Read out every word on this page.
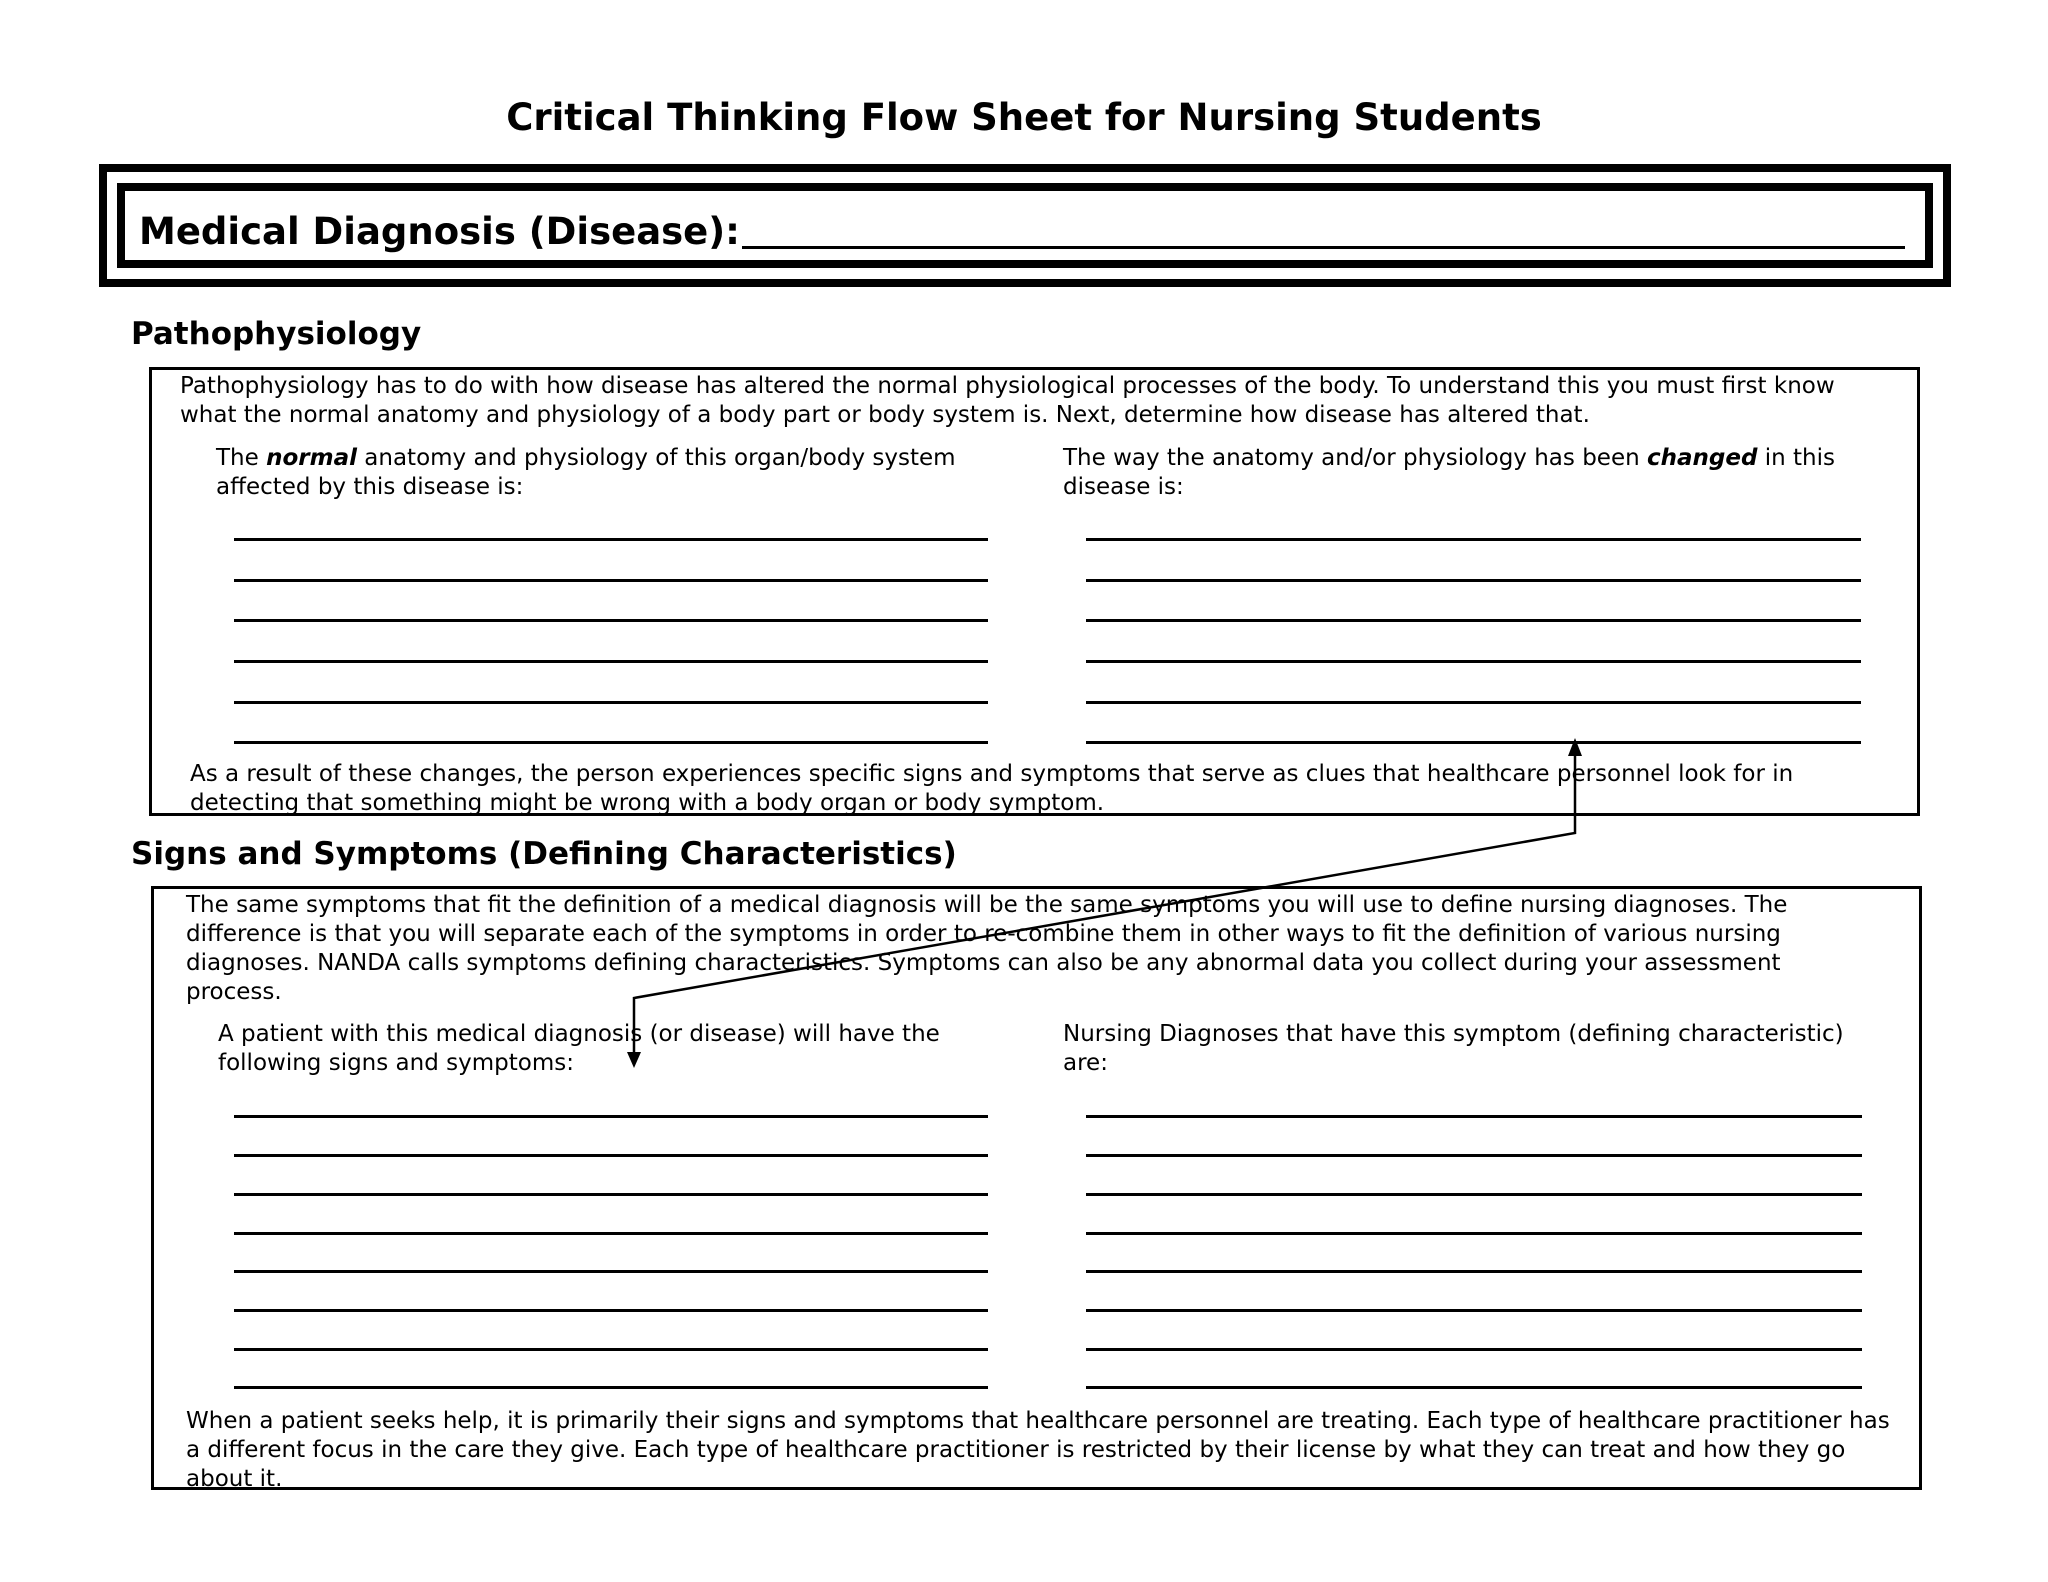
Critical Thinking Flow Sheet for Nursing Students
Medical Diagnosis (Disease):
Pathophysiology
Pathophysiology has to do with how disease has altered the normal physiological processes of the body. To understand this you must first know what the normal anatomy and physiology of a body part or body system is. Next, determine how disease has altered that.
The normal anatomy and physiology of this organ/body system affected by this disease is:
The way the anatomy and/or physiology has been changed in this disease is:
As a result of these changes, the person experiences specific signs and symptoms that serve as clues that healthcare personnel look for in detecting that something might be wrong with a body organ or body symptom.
Signs and Symptoms (Defining Characteristics)
The same symptoms that fit the definition of a medical diagnosis will be the same symptoms you will use to define nursing diagnoses. The difference is that you will separate each of the symptoms in order to re-combine them in other ways to fit the definition of various nursing diagnoses. NANDA calls symptoms defining characteristics. Symptoms can also be any abnormal data you collect during your assessment process.
A patient with this medical diagnosis (or disease) will have the following signs and symptoms:
Nursing Diagnoses that have this symptom (defining characteristic) are:
When a patient seeks help, it is primarily their signs and symptoms that healthcare personnel are treating. Each type of healthcare practitioner has a different focus in the care they give. Each type of healthcare practitioner is restricted by their license by what they can treat and how they go about it.
